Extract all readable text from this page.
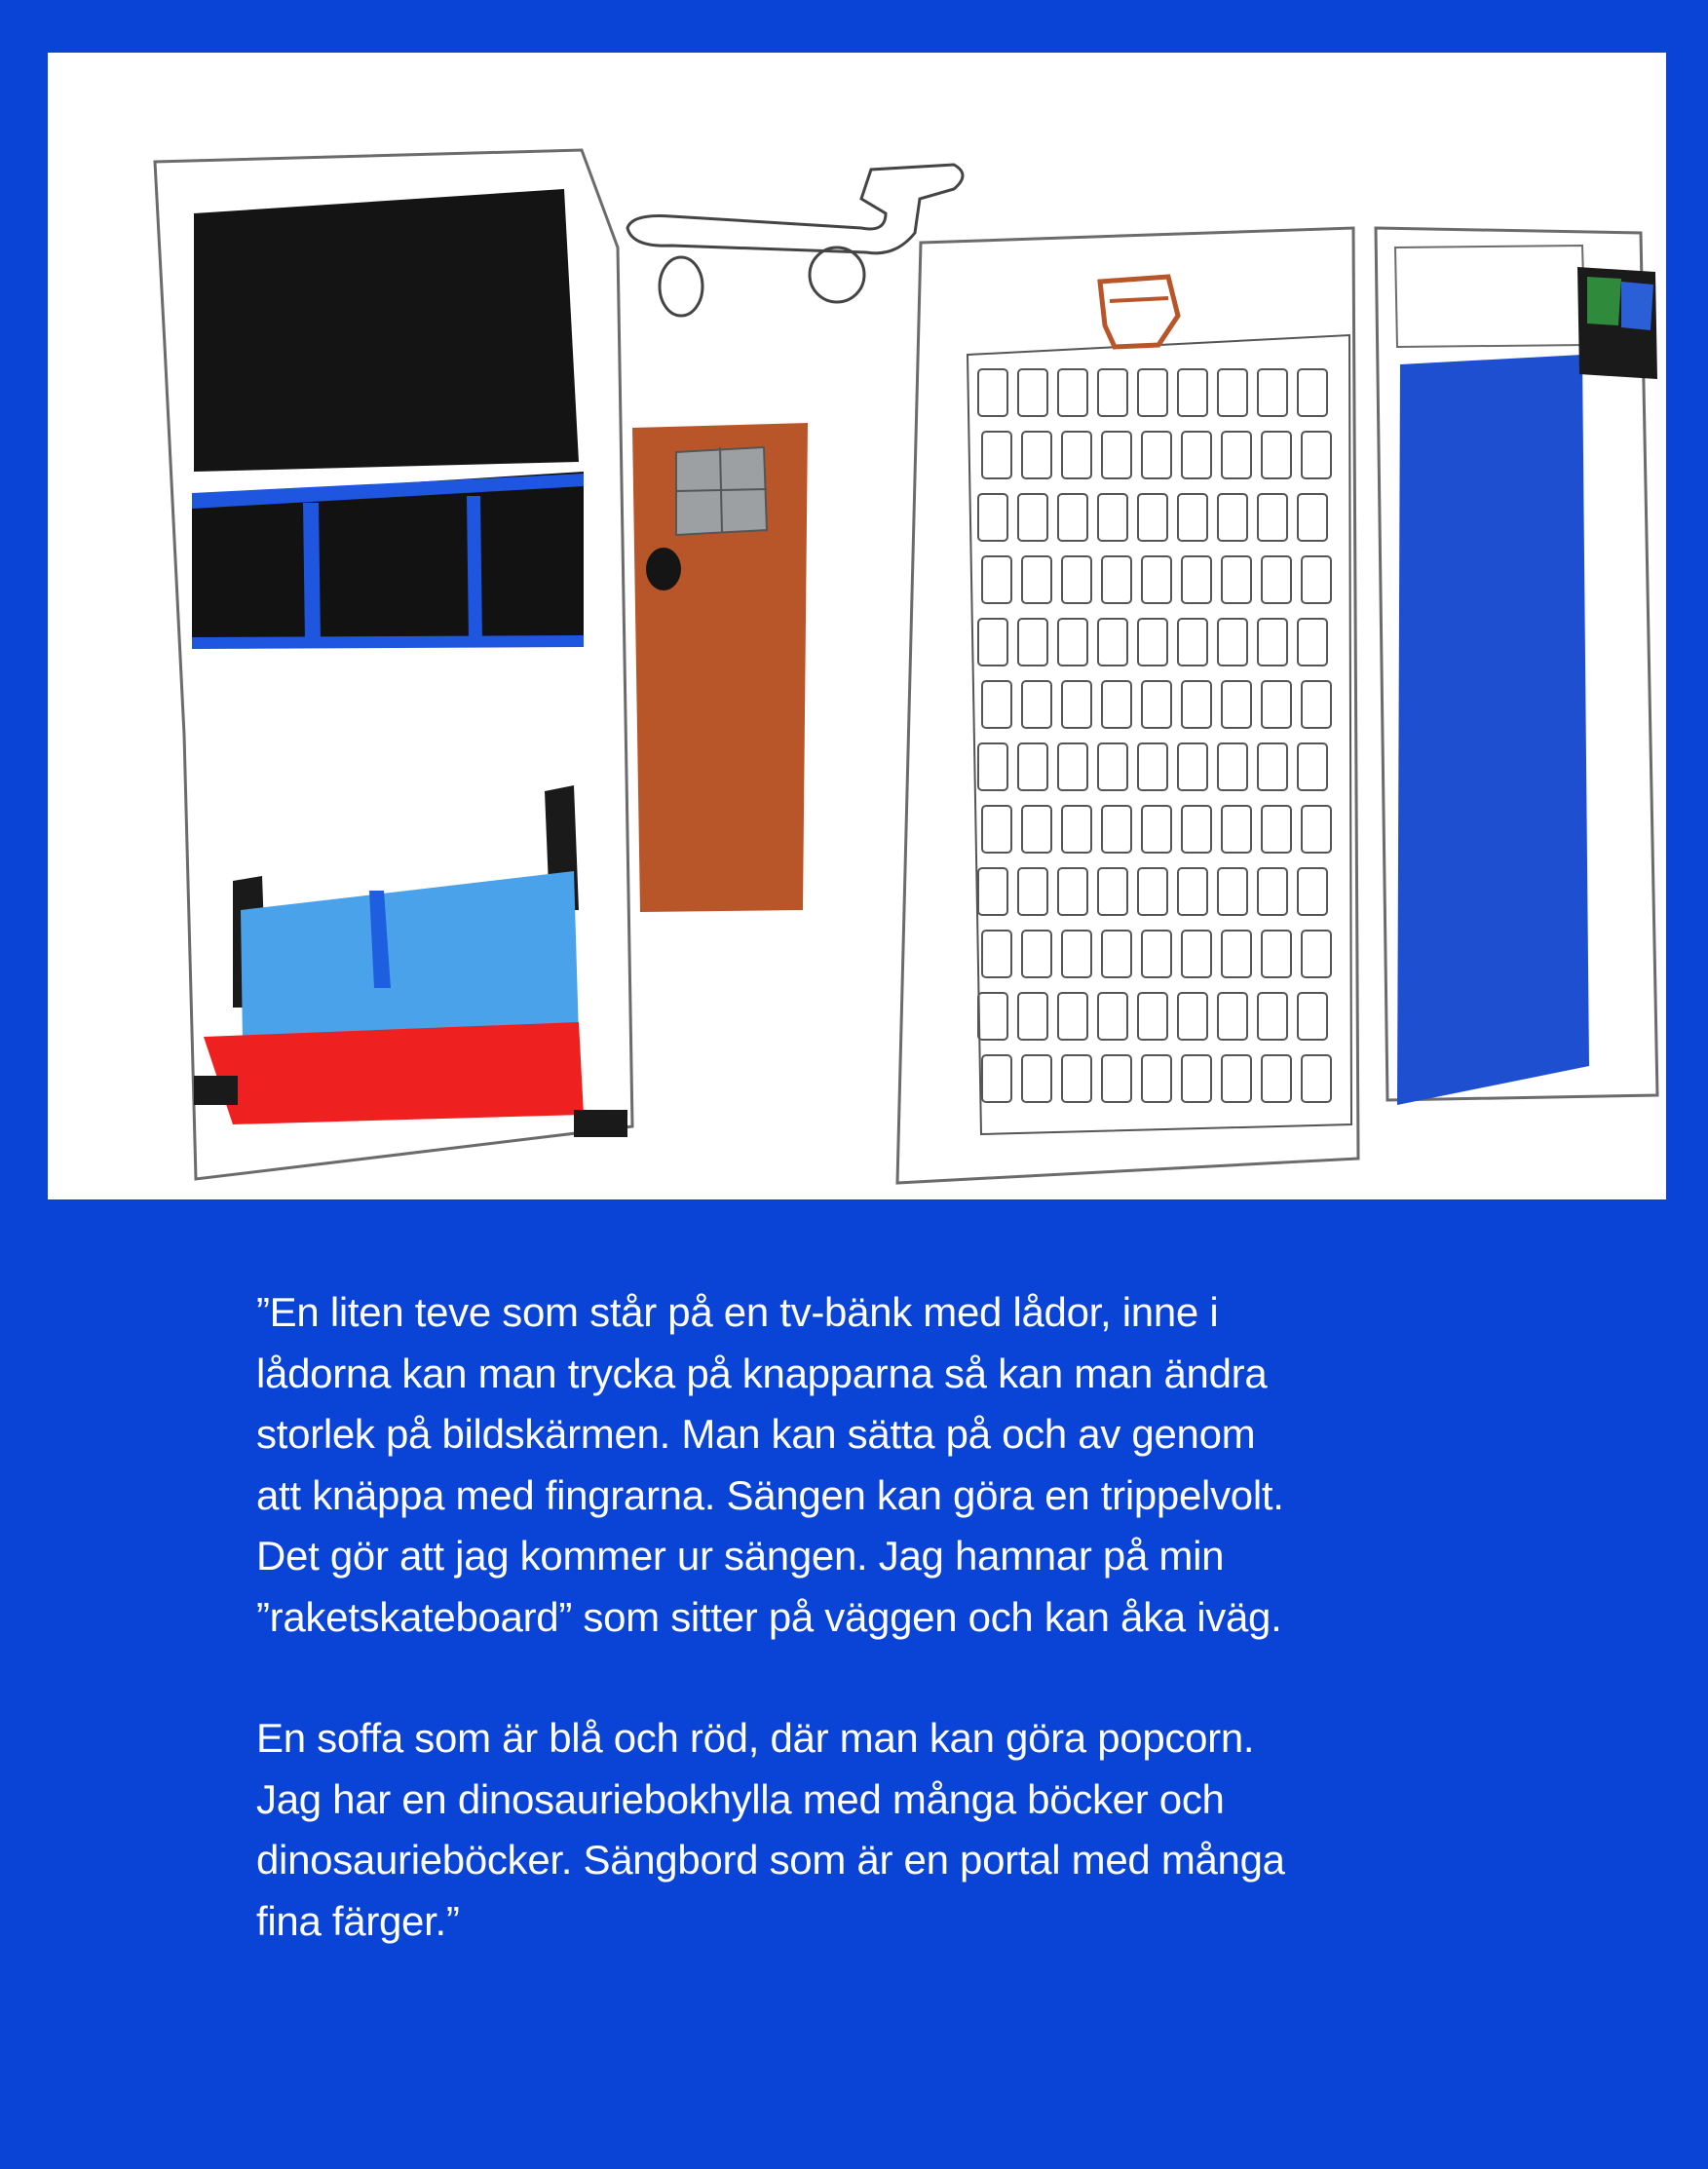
”En liten teve som står på en tv-bänk med lådor, inne i
lådorna kan man trycka på knapparna så kan man ändra
storlek på bildskärmen. Man kan sätta på och av genom
att knäppa med fingrarna. Sängen kan göra en trippelvolt.
Det gör att jag kommer ur sängen. Jag hamnar på min
”raketskateboard” som sitter på väggen och kan åka iväg.

En soffa som är blå och röd, där man kan göra popcorn.
Jag har en dinosauriebokhylla med många böcker och
dinosaurieböcker. Sängbord som är en portal med många
fina färger.”
